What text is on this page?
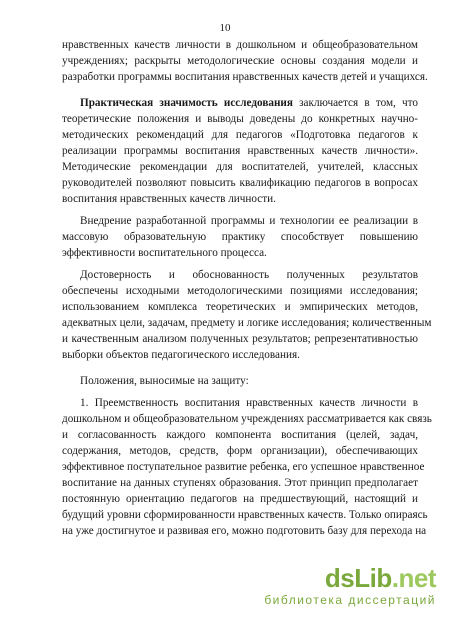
10
нравственных качеств личности в дошкольном и общеобразовательном
учреждениях; раскрыты методологические основы создания модели и
разработки программы воспитания нравственных качеств детей и учащихся.
Практическая значимость исследования заключается в том, что
теоретические положения и выводы доведены до конкретных научно-
методических рекомендаций для педагогов «Подготовка педагогов к
реализации программы воспитания нравственных качеств личности».
Методические рекомендации для воспитателей, учителей, классных
руководителей позволяют повысить квалификацию педагогов в вопросах
воспитания нравственных качеств личности.
Внедрение разработанной программы и технологии ее реализации в
массовую образовательную практику способствует повышению
эффективности воспитательного процесса.
Достоверность и обоснованность полученных результатов
обеспечены исходными методологическими позициями исследования;
использованием комплекса теоретических и эмпирических методов,
адекватных цели, задачам, предмету и логике исследования; количественным
и качественным анализом полученных результатов; репрезентативностью
выборки объектов педагогического исследования.
Положения, выносимые на защиту:
1. Преемственность воспитания нравственных качеств личности в
дошкольном и общеобразовательном учреждениях рассматривается как связь
и согласованность каждого компонента воспитания (целей, задач,
содержания, методов, средств, форм организации), обеспечивающих
эффективное поступательное развитие ребенка, его успешное нравственное
воспитание на данных ступенях образования. Этот принцип предполагает
постоянную ориентацию педагогов на предшествующий, настоящий и
будущий уровни сформированности нравственных качеств. Только опираясь
на уже достигнутое и развивая его, можно подготовить базу для перехода на
dsLib.net
библиотека диссертаций
